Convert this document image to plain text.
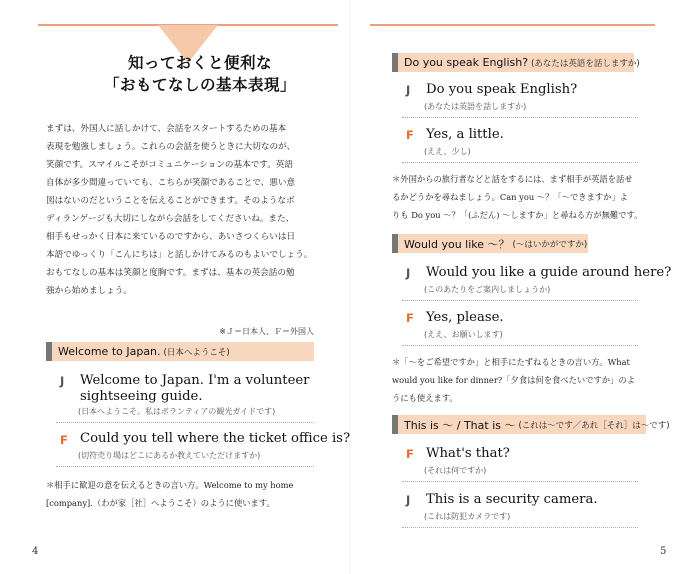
知っておくと便利な
「おもてなしの基本表現」
まずは、外国人に話しかけて、会話をスタートするための基本
表現を勉強しましょう。これらの会話を使うときに大切なのが、
笑顔です。スマイルこそがコミュニケーションの基本です。英語
自体が多少間違っていても、こちらが笑顔であることで、悪い意
図はないのだということを伝えることができます。そのようなボ
ディランゲージも大切にしながら会話をしてくださいね。また、
相手もせっかく日本に来ているのですから、あいさつくらいは日
本語でゆっくり「こんにちは」と話しかけてみるのもよいでしょう。
おもてなしの基本は笑顔と度胸です。まずは、基本の英会話の勉
強から始めましょう。
※Ｊ＝日本人、Ｆ＝外国人
Welcome to Japan. (日本へようこそ)
J Welcome to Japan. I'm a volunteer
sightseeing guide.
(日本へようこそ。私はボランティアの観光ガイドです)
F Could you tell where the ticket office is?
(切符売り場はどこにあるか教えていただけますか)
＊相手に歓迎の意を伝えるときの言い方。Welcome to my home
[company].（わが家［社］へようこそ）のように使います。
4
Do you speak English? (あなたは英語を話しますか)
J Do you speak English?
(あなたは英語を話しますか)
F Yes, a little.
(ええ、少し)
＊外国からの旅行者などと話をするには、まず相手が英語を話せ
るかどうかを尋ねましょう。Can you ～？「～できますか」よ
りも Do you ～？「(ふだん) ～しますか」と尋ねる方が無難です。
Would you like ～？ (～はいかがですか)
J Would you like a guide around here?
(このあたりをご案内しましょうか)
F Yes, please.
(ええ、お願いします)
＊「～をご希望ですか」と相手にたずねるときの言い方。What
would you like for dinner?「夕食は何を食べたいですか」のよ
うにも使えます。
This is ～ / That is ～ (これは～です／あれ［それ］は～です)
F What's that?
(それは何ですか)
J This is a security camera.
(これは防犯カメラです)
5
